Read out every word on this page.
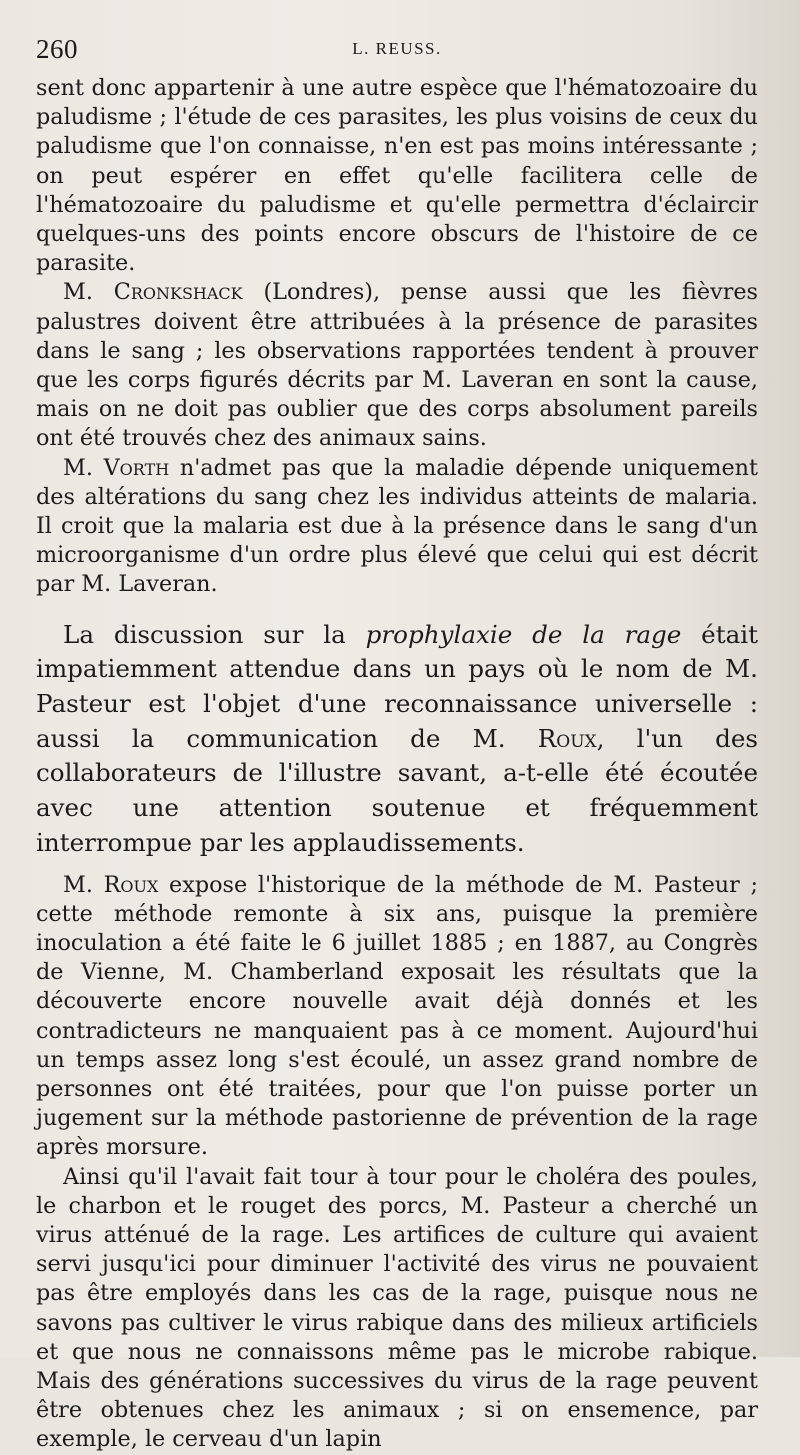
260	L. REUSS.

sent donc appartenir à une autre espèce que l'hématozoaire du paludisme ; l'étude de ces parasites, les plus voisins de ceux du paludisme que l'on connaisse, n'en est pas moins intéressante ; on peut espérer en effet qu'elle facilitera celle de l'hématozoaire du paludisme et qu'elle permettra d'éclaircir quelques-uns des points encore obscurs de l'histoire de ce parasite.

M. Cronkshack (Londres), pense aussi que les fièvres palustres doivent être attribuées à la présence de parasites dans le sang ; les observations rapportées tendent à prouver que les corps figurés décrits par M. Laveran en sont la cause, mais on ne doit pas oublier que des corps absolument pareils ont été trouvés chez des animaux sains.

M. Vorth n'admet pas que la maladie dépende uniquement des altérations du sang chez les individus atteints de malaria. Il croit que la malaria est due à la présence dans le sang d'un microorganisme d'un ordre plus élevé que celui qui est décrit par M. Laveran.

La discussion sur la prophylaxie de la rage était impatiemment attendue dans un pays où le nom de M. Pasteur est l'objet d'une reconnaissance universelle : aussi la communication de M. Roux, l'un des collaborateurs de l'illustre savant, a-t-elle été écoutée avec une attention soutenue et fréquemment interrompue par les applaudissements.

M. Roux expose l'historique de la méthode de M. Pasteur ; cette méthode remonte à six ans, puisque la première inoculation a été faite le 6 juillet 1885 ; en 1887, au Congrès de Vienne, M. Chamberland exposait les résultats que la découverte encore nouvelle avait déjà donnés et les contradicteurs ne manquaient pas à ce moment. Aujourd'hui un temps assez long s'est écoulé, un assez grand nombre de personnes ont été traitées, pour que l'on puisse porter un jugement sur la méthode pastorienne de prévention de la rage après morsure.

Ainsi qu'il l'avait fait tour à tour pour le choléra des poules, le charbon et le rouget des porcs, M. Pasteur a cherché un virus atténué de la rage. Les artifices de culture qui avaient servi jusqu'ici pour diminuer l'activité des virus ne pouvaient pas être employés dans les cas de la rage, puisque nous ne savons pas cultiver le virus rabique dans des milieux artificiels et que nous ne connaissons même pas le microbe rabique. Mais des générations successives du virus de la rage peuvent être obtenues chez les animaux ; si on ensemence, par exemple, le cerveau d'un lapin
